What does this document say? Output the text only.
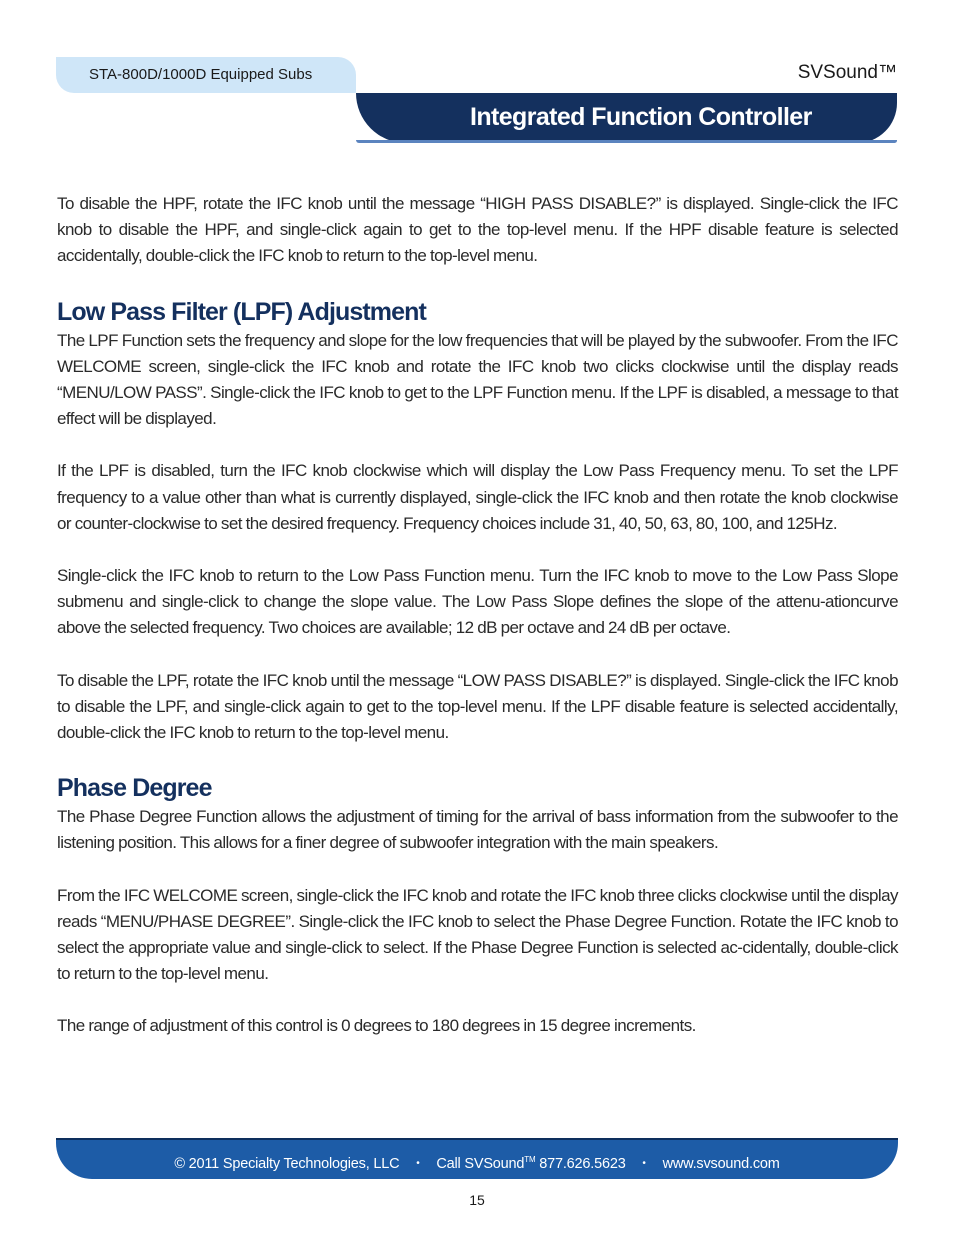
STA-800D/1000D Equipped Subs	SVSound™
Integrated Function Controller

To disable the HPF, rotate the IFC knob until the message “HIGH PASS DISABLE?” is displayed. Single-click the IFC knob to disable the HPF, and single-click again to get to the top-level menu. If the HPF disable feature is selected accidentally, double-click the IFC knob to return to the top-level menu.

Low Pass Filter (LPF) Adjustment

The LPF Function sets the frequency and slope for the low frequencies that will be played by the subwoofer. From the IFC WELCOME screen, single-click the IFC knob and rotate the IFC knob two clicks clockwise until the display reads “MENU/LOW PASS”. Single-click the IFC knob to get to the LPF Function menu. If the LPF is disabled, a message to that effect will be displayed.

If the LPF is disabled, turn the IFC knob clockwise which will display the Low Pass Frequency menu. To set the LPF frequency to a value other than what is currently displayed, single-click the IFC knob and then rotate the knob clockwise or counter-clockwise to set the desired frequency. Frequency choices include 31, 40, 50, 63, 80, 100, and 125Hz.

Single-click the IFC knob to return to the Low Pass Function menu. Turn the IFC knob to move to the Low Pass Slope submenu and single-click to change the slope value. The Low Pass Slope defines the slope of the attenu-ationcurve above the selected frequency. Two choices are available; 12 dB per octave and 24 dB per octave.

To disable the LPF, rotate the IFC knob until the message “LOW PASS DISABLE?” is displayed. Single-click the IFC knob to disable the LPF, and single-click again to get to the top-level menu. If the LPF disable feature is selected accidentally, double-click the IFC knob to return to the top-level menu.

Phase Degree

The Phase Degree Function allows the adjustment of timing for the arrival of bass information from the subwoofer to the listening position. This allows for a finer degree of subwoofer integration with the main speakers.

From the IFC WELCOME screen, single-click the IFC knob and rotate the IFC knob three clicks clockwise until the display reads “MENU/PHASE DEGREE”. Single-click the IFC knob to select the Phase Degree Function. Rotate the IFC knob to select the appropriate value and single-click to select. If the Phase Degree Function is selected ac-cidentally, double-click to return to the top-level menu.

The range of adjustment of this control is 0 degrees to 180 degrees in 15 degree increments.

© 2011 Specialty Technologies, LLC • Call SVSound™ 877.626.5623 • www.svsound.com
15
